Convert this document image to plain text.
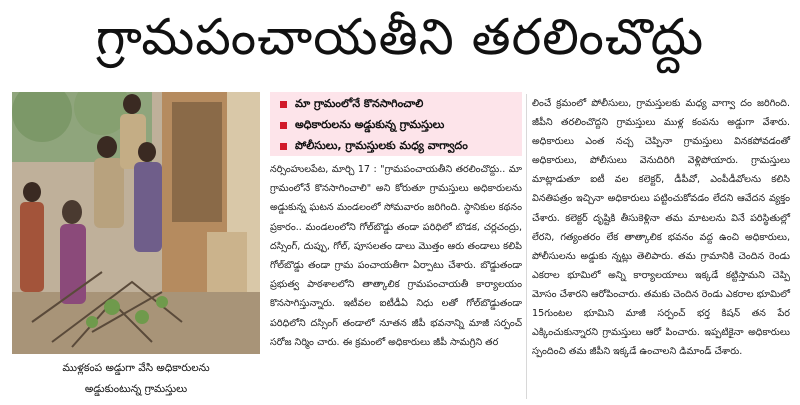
గ్రామపంచాయతీని తరలించొద్దు
ముళ్లకంప అడ్డుగా వేసి అధికారులను
అడ్డుకుంటున్న గ్రామస్తులు
మా గ్రామంలోనే కొనసాగించాలి
అధికారులను అడ్డుకున్న గ్రామస్తులు
పోలీసులు, గ్రామస్తులకు మధ్య వాగ్వాదం

నర్సింహులపేట, మార్చి 17 : "గ్రామపంచాయతీని తరలించొద్దు.. మా గ్రామంలోనే కొనసాగించాలి" అని కోరుతూ గ్రామస్తులు అధికారులను అడ్డుకున్న ఘటన మండలంలో సోమవారం జరిగింది. స్థానికుల కథనం ప్రకారం.. మండలంలోని గోల్‌బొడ్డు తండా పరిధిలో బొడక, చర్లచంద్రు, దస్సింగ్, దుప్పు, గోల్, పూసలతం డాలు మొత్తం ఆరు తండాలు కలిపి గోల్‌బొడ్డు తండా గ్రామ పంచాయతీగా ఏర్పాటు చేశారు. బొడ్డుతండా ప్రభుత్వ పాఠశాలలోని తాత్కాలిక గ్రామపంచాయతీ కార్యాలయం కొనసాగిస్తున్నారు. ఇటీవల ఐటీడీఏ నిధు లతో గోల్‌బొడ్డుతండా పరిధిలోని దస్సింగ్ తండాలో నూతన జీపీ భవనాన్ని మాజీ సర్పంచ్ సరోజ నిర్మిం చారు. ఈ క్రమంలో అధికారులు జీపీ సామగ్రిని తర

లించే క్రమంలో పోలీసులు, గ్రామస్తులకు మధ్య వాగ్వా దం జరిగింది. జీపీని తరలించొద్దని గ్రామస్తులు ముళ్ల కంపను అడ్డుగా వేశారు. అధికారులు ఎంత నచ్చ చెప్పినా గ్రామస్తులు వినకపోవడంతో అధికారులు, పోలీసులు వెనుదిరిగి వెళ్లిపోయారు. గ్రామస్తులు మాట్లాడుతూ ఐటీ వల కలెక్టర్, డీపీవో, ఎంపీడీవోలను కలిసి వినతిపత్రం ఇచ్చినా అధికారులు పట్టించుకోవడం లేదని ఆవేదన వ్యక్తం చేశారు. కలెక్టర్ దృష్టికి తీసుకెళ్లినా తమ మాటలను వినే పరిస్థితుల్లో లేరని, గత్యంతరం లేక తాత్కాలిక భవనం వద్ద ఉంచి అధికారులు, పోలీసులను అడ్డుకు న్నట్లు తెలిపారు. తమ గ్రామానికి చెందిన రెండు ఎకరాల భూమిలో అన్ని కార్యాలయాలు ఇక్కడే కట్టిస్తామని చెప్పి మోసం చేశారని ఆరోపించారు. తమకు చెందిన రెండు ఎకరాల భూమిలో 15గుంటల భూమిని మాజీ సర్పంచ్ భర్త కిషన్ తన పేర ఎక్కించుకున్నారని గ్రామస్తులు ఆరో పించారు. ఇప్పటికైనా అధికారులు స్పందించి తమ జీపీని ఇక్కడే ఉంచాలని డిమాండ్ చేశారు.
